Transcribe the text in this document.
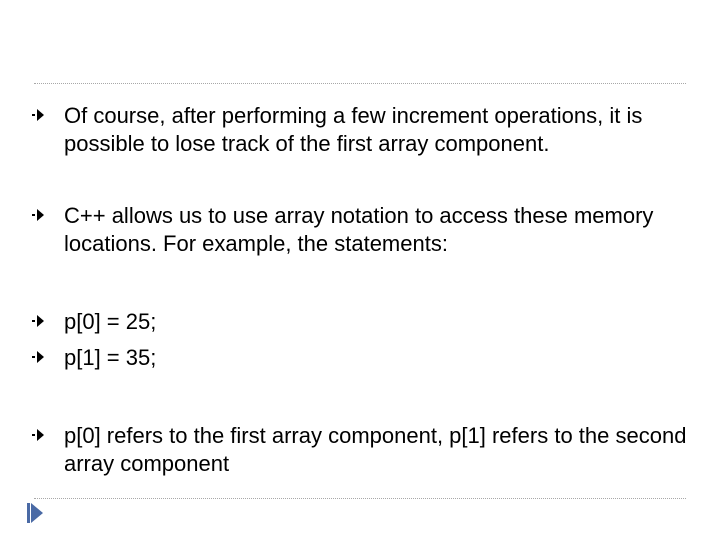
Of course, after performing a few increment operations, it is possible to lose track of the first array component.
C++ allows us to use array notation to access these memory locations. For example, the statements:
p[0] = 25;
p[1] = 35;
p[0] refers to the first array component, p[1] refers to the second array component
